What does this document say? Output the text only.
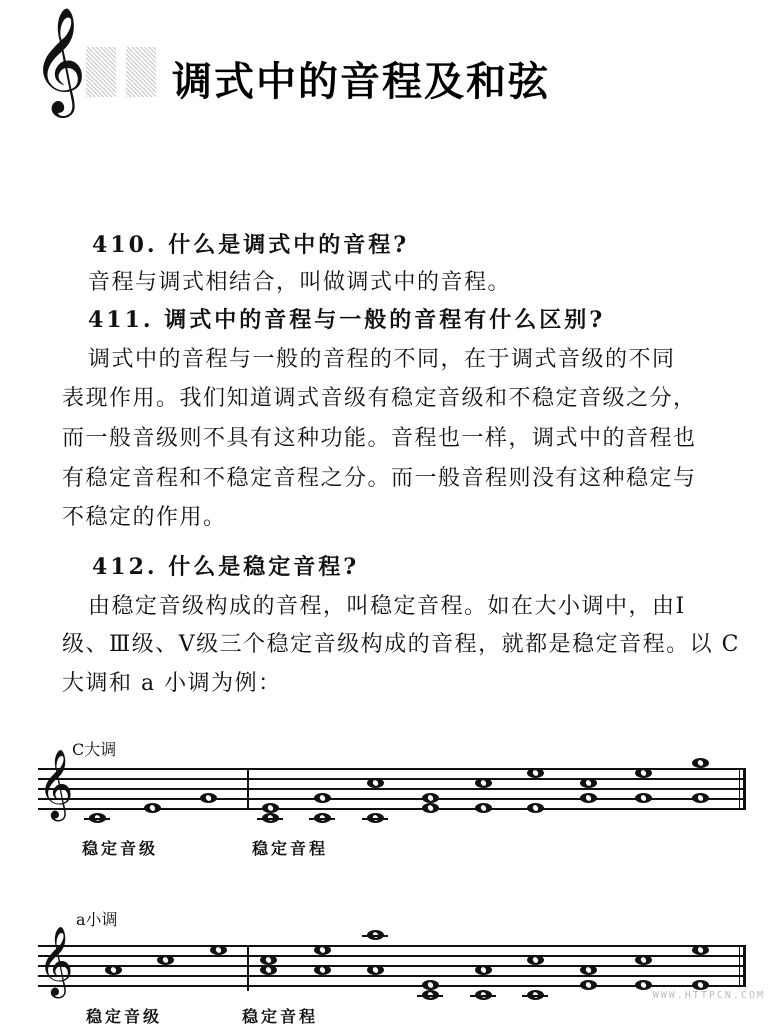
𝄞 调式中的音程及和弦
410. 什么是调式中的音程?
音程与调式相结合，叫做调式中的音程。
411. 调式中的音程与一般的音程有什么区别?
调式中的音程与一般的音程的不同，在于调式音级的不同
表现作用。我们知道调式音级有稳定音级和不稳定音级之分，
而一般音级则不具有这种功能。音程也一样，调式中的音程也
有稳定音程和不稳定音程之分。而一般音程则没有这种稳定与
不稳定的作用。
412. 什么是稳定音程?
由稳定音级构成的音程，叫稳定音程。如在大小调中，由Ⅰ
级、Ⅲ级、Ⅴ级三个稳定音级构成的音程，就都是稳定音程。以 C
大调和 a 小调为例：
C大调
𝄞
稳定音级	稳定音程
a小调
𝄞
稳定音级	稳定音程
WWW.HTTPCN.COM
